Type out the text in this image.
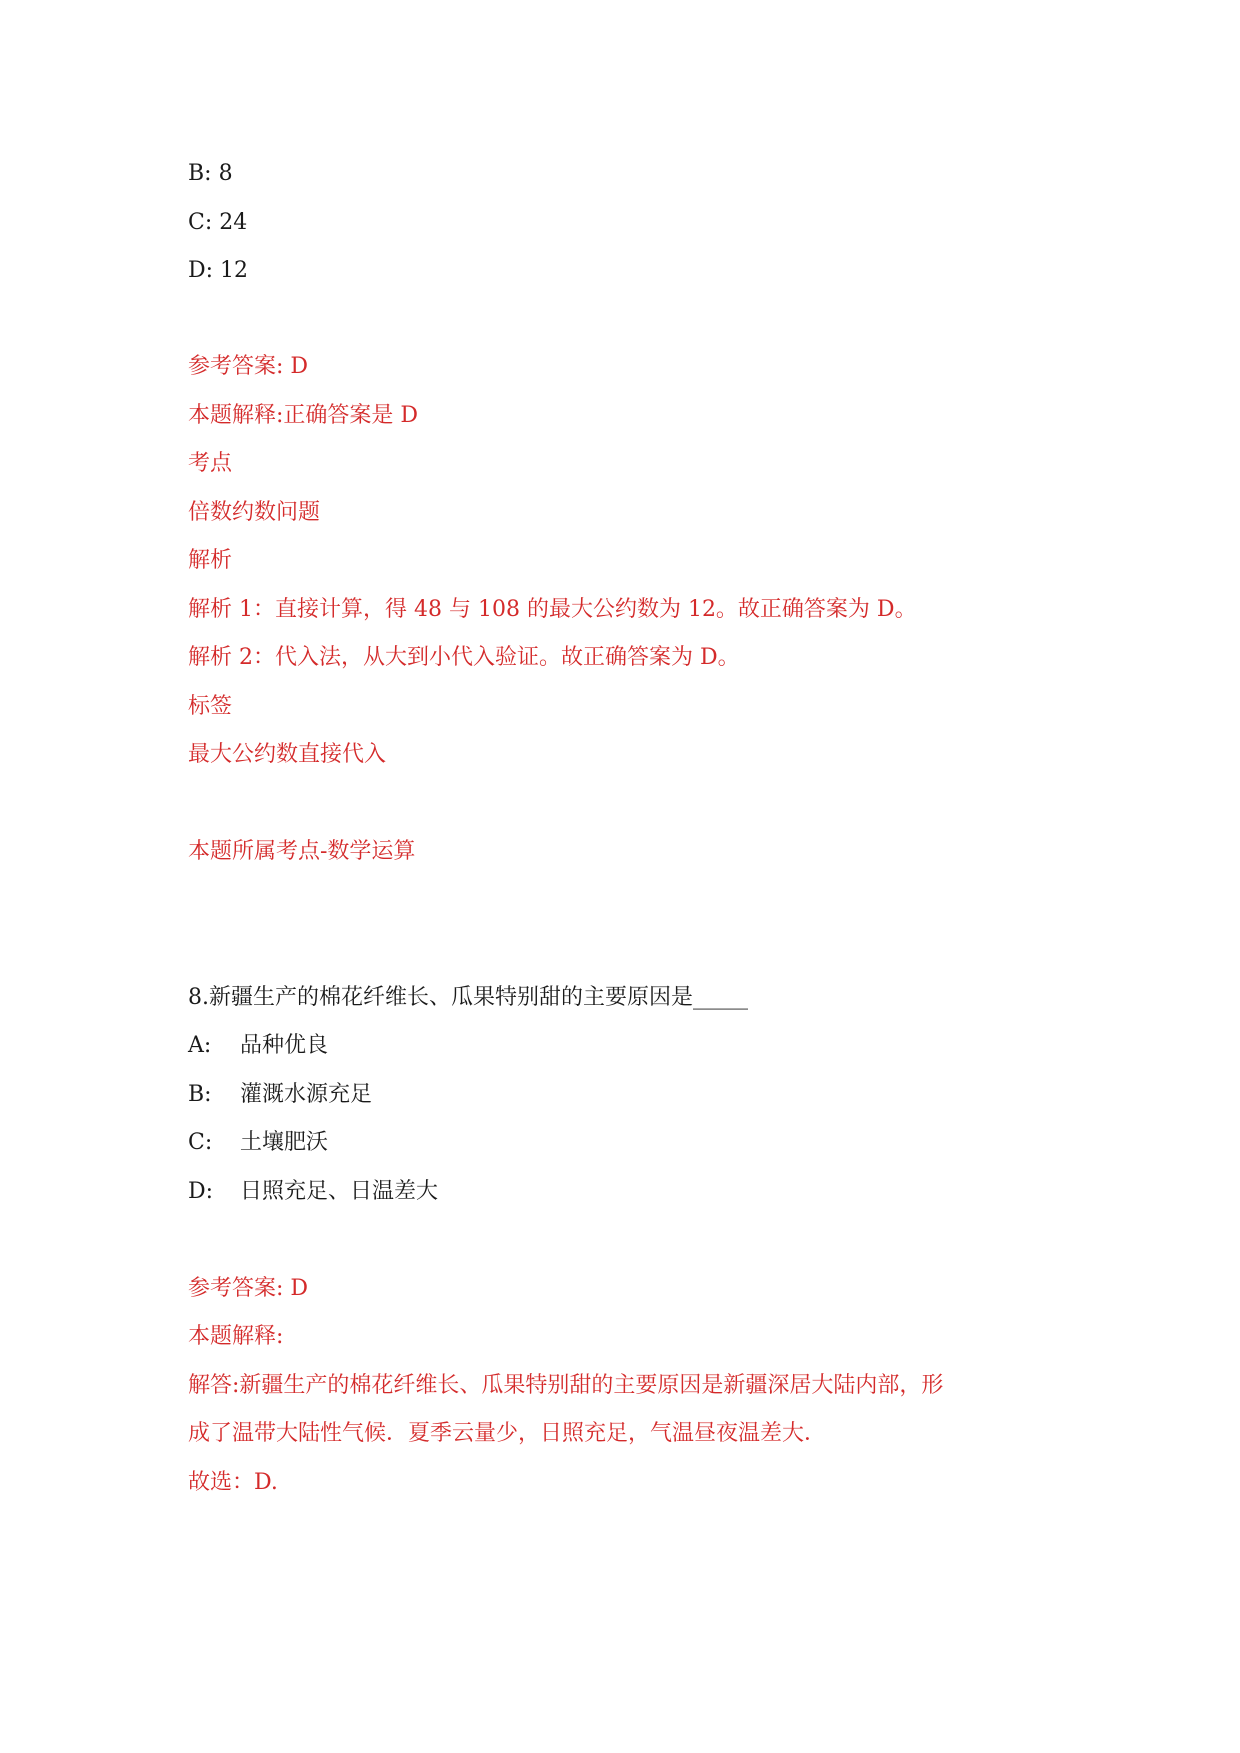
B: 8
C: 24
D: 12
参考答案: D
本题解释:正确答案是 D
考点
倍数约数问题
解析
解析 1：直接计算，得 48 与 108 的最大公约数为 12。故正确答案为 D。
解析 2：代入法，从大到小代入验证。故正确答案为 D。
标签
最大公约数直接代入
本题所属考点-数学运算
8.新疆生产的棉花纤维长、瓜果特别甜的主要原因是_____
A: 品种优良
B: 灌溉水源充足
C: 土壤肥沃
D: 日照充足、日温差大
参考答案: D
本题解释:
解答:新疆生产的棉花纤维长、瓜果特别甜的主要原因是新疆深居大陆内部，形
成了温带大陆性气候．夏季云量少，日照充足，气温昼夜温差大．
故选：D.
